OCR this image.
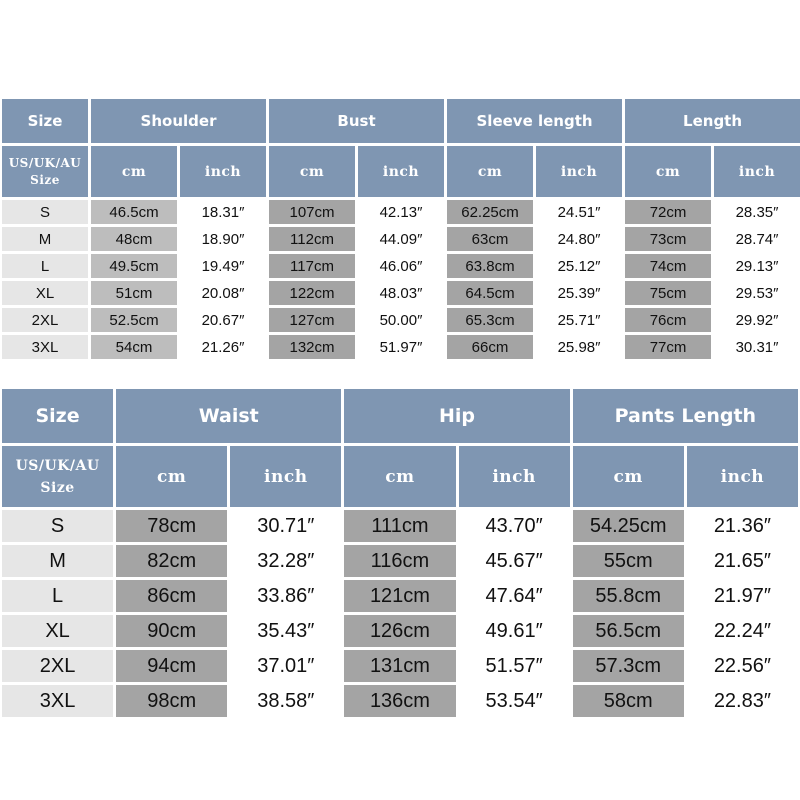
Size	Shoulder		Bust		Sleeve length		Length	

US/UK/AU
Size	cm	inch	cm	inch	cm	inch	cm	inch
S	46.5cm	18.31″	107cm	42.13″	62.25cm	24.51″	72cm	28.35″
M	48cm	18.90″	112cm	44.09″	63cm	24.80″	73cm	28.74″
L	49.5cm	19.49″	117cm	46.06″	63.8cm	25.12″	74cm	29.13″
XL	51cm	20.08″	122cm	48.03″	64.5cm	25.39″	75cm	29.53″
2XL	52.5cm	20.67″	127cm	50.00″	65.3cm	25.71″	76cm	29.92″
3XL	54cm	21.26″	132cm	51.97″	66cm	25.98″	77cm	30.31″
Size	Waist		Hip		Pants Length	

US/UK/AU
Size	cm	inch	cm	inch	cm	inch
S	78cm	30.71″	111cm	43.70″	54.25cm	21.36″
M	82cm	32.28″	116cm	45.67″	55cm	21.65″
L	86cm	33.86″	121cm	47.64″	55.8cm	21.97″
XL	90cm	35.43″	126cm	49.61″	56.5cm	22.24″
2XL	94cm	37.01″	131cm	51.57″	57.3cm	22.56″
3XL	98cm	38.58″	136cm	53.54″	58cm	22.83″
